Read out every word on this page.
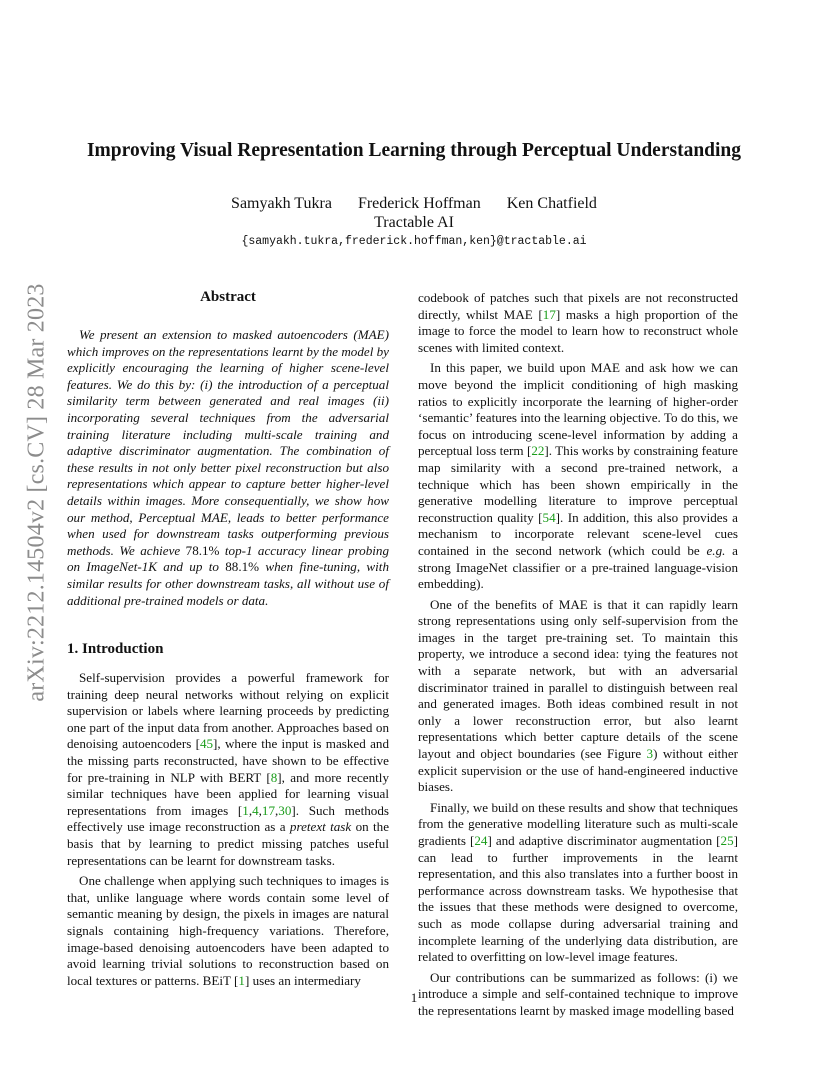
arXiv:2212.14504v2 [cs.CV] 28 Mar 2023
Improving Visual Representation Learning through Perceptual Understanding
Samyakh Tukra Frederick Hoffman Ken Chatfield
Tractable AI
{samyakh.tukra,frederick.hoffman,ken}@tractable.ai
Abstract

We present an extension to masked autoencoders (MAE) which improves on the representations learnt by the model by explicitly encouraging the learning of higher scene-level features. We do this by: (i) the introduction of a perceptual similarity term between generated and real images (ii) incorporating several techniques from the adversarial training literature including multi-scale training and adaptive discriminator augmentation. The combination of these results in not only better pixel reconstruction but also representations which appear to capture better higher-level details within images. More consequentially, we show how our method, Perceptual MAE, leads to better performance when used for downstream tasks outperforming previous methods. We achieve 78.1% top-1 accuracy linear probing on ImageNet-1K and up to 88.1% when fine-tuning, with similar results for other downstream tasks, all without use of additional pre-trained models or data.

1. Introduction

Self-supervision provides a powerful framework for training deep neural networks without relying on explicit supervision or labels where learning proceeds by predicting one part of the input data from another. Approaches based on denoising autoencoders [45], where the input is masked and the missing parts reconstructed, have shown to be effective for pre-training in NLP with BERT [8], and more recently similar techniques have been applied for learning visual representations from images [1,4,17,30]. Such methods effectively use image reconstruction as a pretext task on the basis that by learning to predict missing patches useful representations can be learnt for downstream tasks.

One challenge when applying such techniques to images is that, unlike language where words contain some level of semantic meaning by design, the pixels in images are natural signals containing high-frequency variations. Therefore, image-based denoising autoencoders have been adapted to avoid learning trivial solutions to reconstruction based on local textures or patterns. BEiT [1] uses an intermediary

codebook of patches such that pixels are not reconstructed directly, whilst MAE [17] masks a high proportion of the image to force the model to learn how to reconstruct whole scenes with limited context.

In this paper, we build upon MAE and ask how we can move beyond the implicit conditioning of high masking ratios to explicitly incorporate the learning of higher-order ‘semantic’ features into the learning objective. To do this, we focus on introducing scene-level information by adding a perceptual loss term [22]. This works by constraining feature map similarity with a second pre-trained network, a technique which has been shown empirically in the generative modelling literature to improve perceptual reconstruction quality [54]. In addition, this also provides a mechanism to incorporate relevant scene-level cues contained in the second network (which could be e.g. a strong ImageNet classifier or a pre-trained language-vision embedding).

One of the benefits of MAE is that it can rapidly learn strong representations using only self-supervision from the images in the target pre-training set. To maintain this property, we introduce a second idea: tying the features not with a separate network, but with an adversarial discriminator trained in parallel to distinguish between real and generated images. Both ideas combined result in not only a lower reconstruction error, but also learnt representations which better capture details of the scene layout and object boundaries (see Figure 3) without either explicit supervision or the use of hand-engineered inductive biases.

Finally, we build on these results and show that techniques from the generative modelling literature such as multi-scale gradients [24] and adaptive discriminator augmentation [25] can lead to further improvements in the learnt representation, and this also translates into a further boost in performance across downstream tasks. We hypothesise that the issues that these methods were designed to overcome, such as mode collapse during adversarial training and incomplete learning of the underlying data distribution, are related to overfitting on low-level image features.

Our contributions can be summarized as follows: (i) we introduce a simple and self-contained technique to improve the representations learnt by masked image modelling based

1
